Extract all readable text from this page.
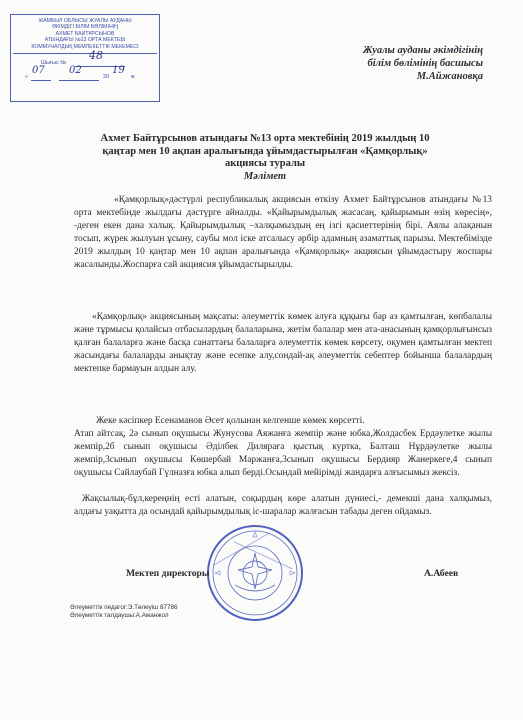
ЖАМБЫЛ ОБЛЫСЫ ЖУАЛЫ АУДАНЫ
ӘКІМДІГІ БІЛІМ БӨЛІМІНІҢ
АХМЕТ БАЙТҰРСЫНОВ
АТЫНДАҒЫ №13 ОРТА МЕКТЕБІ
КОММУНАЛДЫҚ МЕМЛЕКЕТТІК МЕКЕМЕСІ
Шығыс №
48
«
07 02
20
19
ж
Жуалы ауданы әкімдігінің
білім бөлімінің басшысы
М.Айжановқа
Ахмет Байтұрсынов атындағы №13 орта мектебінің 2019 жылдың 10
қаңтар мен 10 ақпан аралығында ұйымдастырылған «Қамқорлық»
акциясы туралы
Мәлімет

«Қамқорлық»дәстүрлі республикалық акциясын өткізу Ахмет Байтұрсынов атындағы №13 орта мектебінде жылдағы дәстүрге айналды. «Қайырымдылық жасасаң, қайырымын өзің көресің», -деген екен дана халық. Қайырымдылық –халқымыздың ең ізгі қасиеттерінің бірі. Аялы алақанын тосып, жүрек жылуын ұсыну, саубы мол іске атсалысу әрбір адамның азаматтық парызы. Мектебімізде 2019 жылдың 10 қаңтар мен 10 ақпан аралығында «Қамқорлық» акциясын ұйымдастыру жоспары жасалынды.Жоспарға сай акциясия ұйымдастырылды.

«Қамқорлық» акциясының мақсаты: әлеуметтік көмек алуға құқығы бар аз қамтылған, көпбалалы және тұрмысы қолайсыз отбасылардың балаларына, жетім балалар мен ата-анасының қамқорлығынсыз қалған балаларға және басқа санаттағы балаларға әлеуметтік көмек көрсету, оқумен қамтылған мектеп жасындағы балаларды анықтау және есепке алу,сондай-ақ әлеуметтік себептер бойынша балалардың мектепке бармауын алдын алу.

Жеке кәсіпкер Есенаманов Әсет қолынан келгенше көмек көрсетті.

Атап айтсақ, 2ә сынып оқушысы Жунусова Аяжанға жемпір және юбка,Жолдасбек Ердәулетке жылы жемпір,2б сынып оқушысы Әділбек Диляраға қыстық куртка, Балташ Нұрдәулетке жылы жемпір,3сынып оқушысы Көшербай Маржанға,3сынып оқушысы Бердияр Жанеркеге,4 сынып оқушысы Сайлаубай Гүлназға юбка алып берді.Осындай мейірімді жандарға алғысымыз жексіз.

Жақсылық-бұл,кереңнің есті алатын, соқырдың көре алатын дүниесі,- демекші дана халқымыз, алдағы уақытта да осындай қайырымдылық іс-шаралар жалғасын табады деген ойдамыз.

Мектеп директоры	А.Абеев
Әлеуметтік педагог:Э.Төлеуіш 87786
Әлеуметтік талдаушы:А.Аманжол
